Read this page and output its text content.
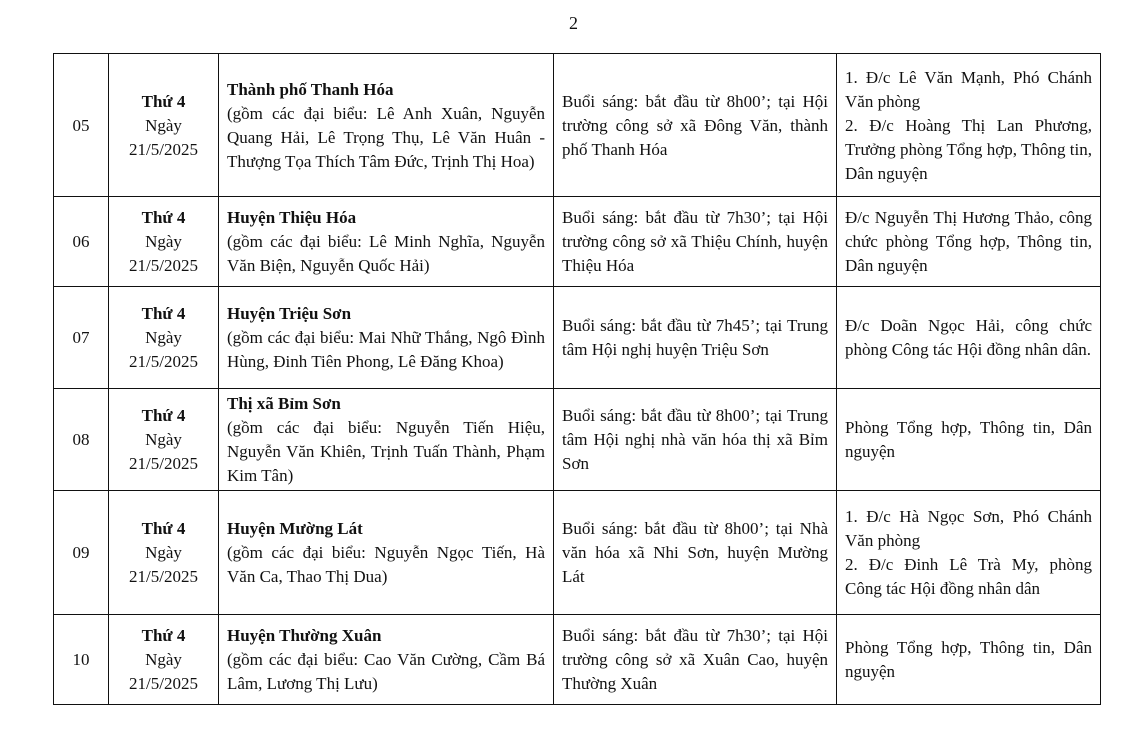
2
05	Thứ 4
Ngày
21/5/2025	Thành phố Thanh Hóa
(gồm các đại biểu: Lê Anh Xuân, Nguyễn Quang Hải, Lê Trọng Thụ, Lê Văn Huân - Thượng Tọa Thích Tâm Đức, Trịnh Thị Hoa)	Buổi sáng: bắt đầu từ 8h00’; tại Hội trường công sở xã Đông Văn, thành phố Thanh Hóa	1. Đ/c Lê Văn Mạnh, Phó Chánh Văn phòng
2. Đ/c Hoàng Thị Lan Phương, Trưởng phòng Tổng hợp, Thông tin, Dân nguyện

06	Thứ 4
Ngày
21/5/2025	Huyện Thiệu Hóa
(gồm các đại biểu: Lê Minh Nghĩa, Nguyễn Văn Biện, Nguyễn Quốc Hải)	Buổi sáng: bắt đầu từ 7h30’; tại Hội trường công sở xã Thiệu Chính, huyện Thiệu Hóa	Đ/c Nguyễn Thị Hương Thảo, công chức phòng Tổng hợp, Thông tin, Dân nguyện

07	Thứ 4
Ngày
21/5/2025	Huyện Triệu Sơn
(gồm các đại biểu: Mai Nhữ Thắng, Ngô Đình Hùng, Đinh Tiên Phong, Lê Đăng Khoa)	Buổi sáng: bắt đầu từ 7h45’; tại Trung tâm Hội nghị huyện Triệu Sơn	Đ/c Doãn Ngọc Hải, công chức phòng Công tác Hội đồng nhân dân.

08	Thứ 4
Ngày
21/5/2025	Thị xã Bỉm Sơn
(gồm các đại biểu: Nguyễn Tiến Hiệu, Nguyễn Văn Khiên, Trịnh Tuấn Thành, Phạm Kim Tân)	Buổi sáng: bắt đầu từ 8h00’; tại Trung tâm Hội nghị nhà văn hóa thị xã Bỉm Sơn	Phòng Tổng hợp, Thông tin, Dân nguyện

09	Thứ 4
Ngày
21/5/2025	Huyện Mường Lát
(gồm các đại biểu: Nguyễn Ngọc Tiến, Hà Văn Ca, Thao Thị Dua)	Buổi sáng: bắt đầu từ 8h00’; tại Nhà văn hóa xã Nhi Sơn, huyện Mường Lát	1. Đ/c Hà Ngọc Sơn, Phó Chánh Văn phòng
2. Đ/c Đinh Lê Trà My, phòng Công tác Hội đồng nhân dân

10	Thứ 4
Ngày
21/5/2025	Huyện Thường Xuân
(gồm các đại biểu: Cao Văn Cường, Cầm Bá Lâm, Lương Thị Lưu)	Buổi sáng: bắt đầu từ 7h30’; tại Hội trường công sở xã Xuân Cao, huyện Thường Xuân	Phòng Tổng hợp, Thông tin, Dân nguyện
